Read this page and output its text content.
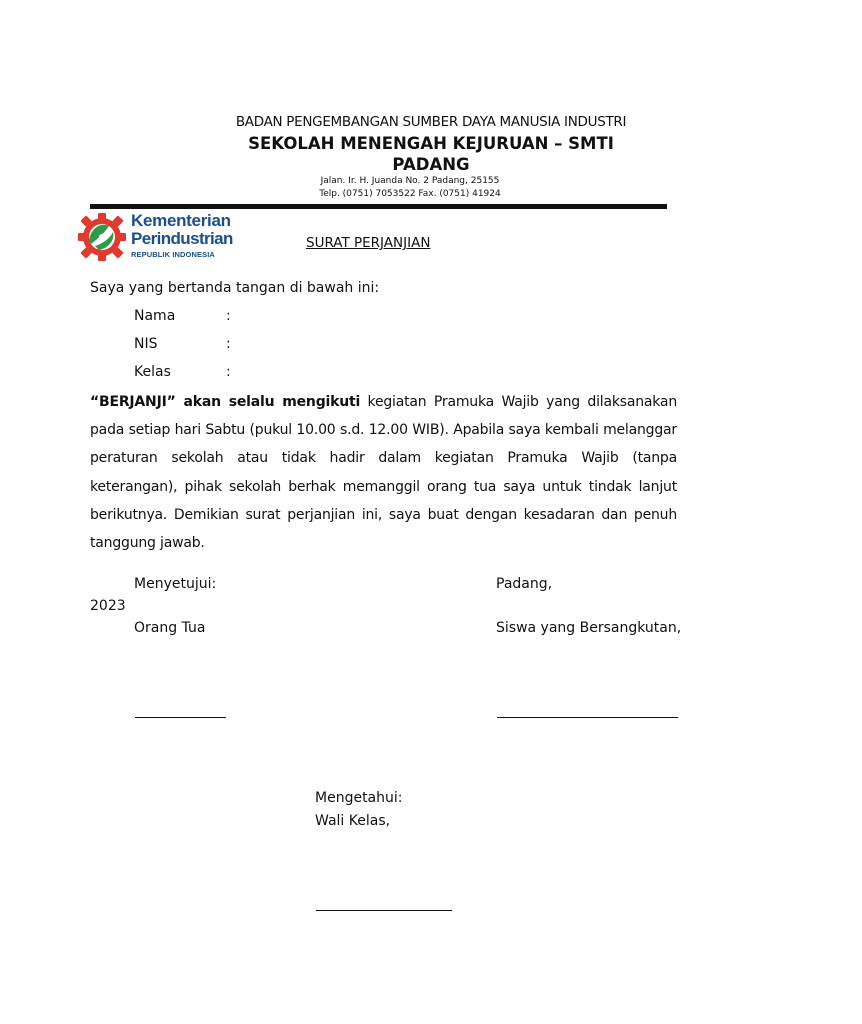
BADAN PENGEMBANGAN SUMBER DAYA MANUSIA INDUSTRI
SEKOLAH MENENGAH KEJURUAN – SMTI
PADANG
Jalan. Ir. H. Juanda No. 2 Padang, 25155
Telp. (0751) 7053522 Fax. (0751) 41924
Kementerian
Perindustrian
REPUBLIK INDONESIA
SURAT PERJANJIAN
Saya yang bertanda tangan di bawah ini:
Nama	:
NIS	:
Kelas	:
“BERJANJI” akan selalu mengikuti kegiatan Pramuka Wajib yang dilaksanakan pada setiap hari Sabtu (pukul 10.00 s.d. 12.00 WIB). Apabila saya kembali melanggar peraturan sekolah atau tidak hadir dalam kegiatan Pramuka Wajib (tanpa keterangan), pihak sekolah berhak memanggil orang tua saya untuk tindak lanjut berikutnya. Demikian surat perjanjian ini, saya buat dengan kesadaran dan penuh tanggung jawab.
Menyetujui:	Padang,
2023
Orang Tua	Siswa yang Bersangkutan,
Mengetahui:
Wali Kelas,
